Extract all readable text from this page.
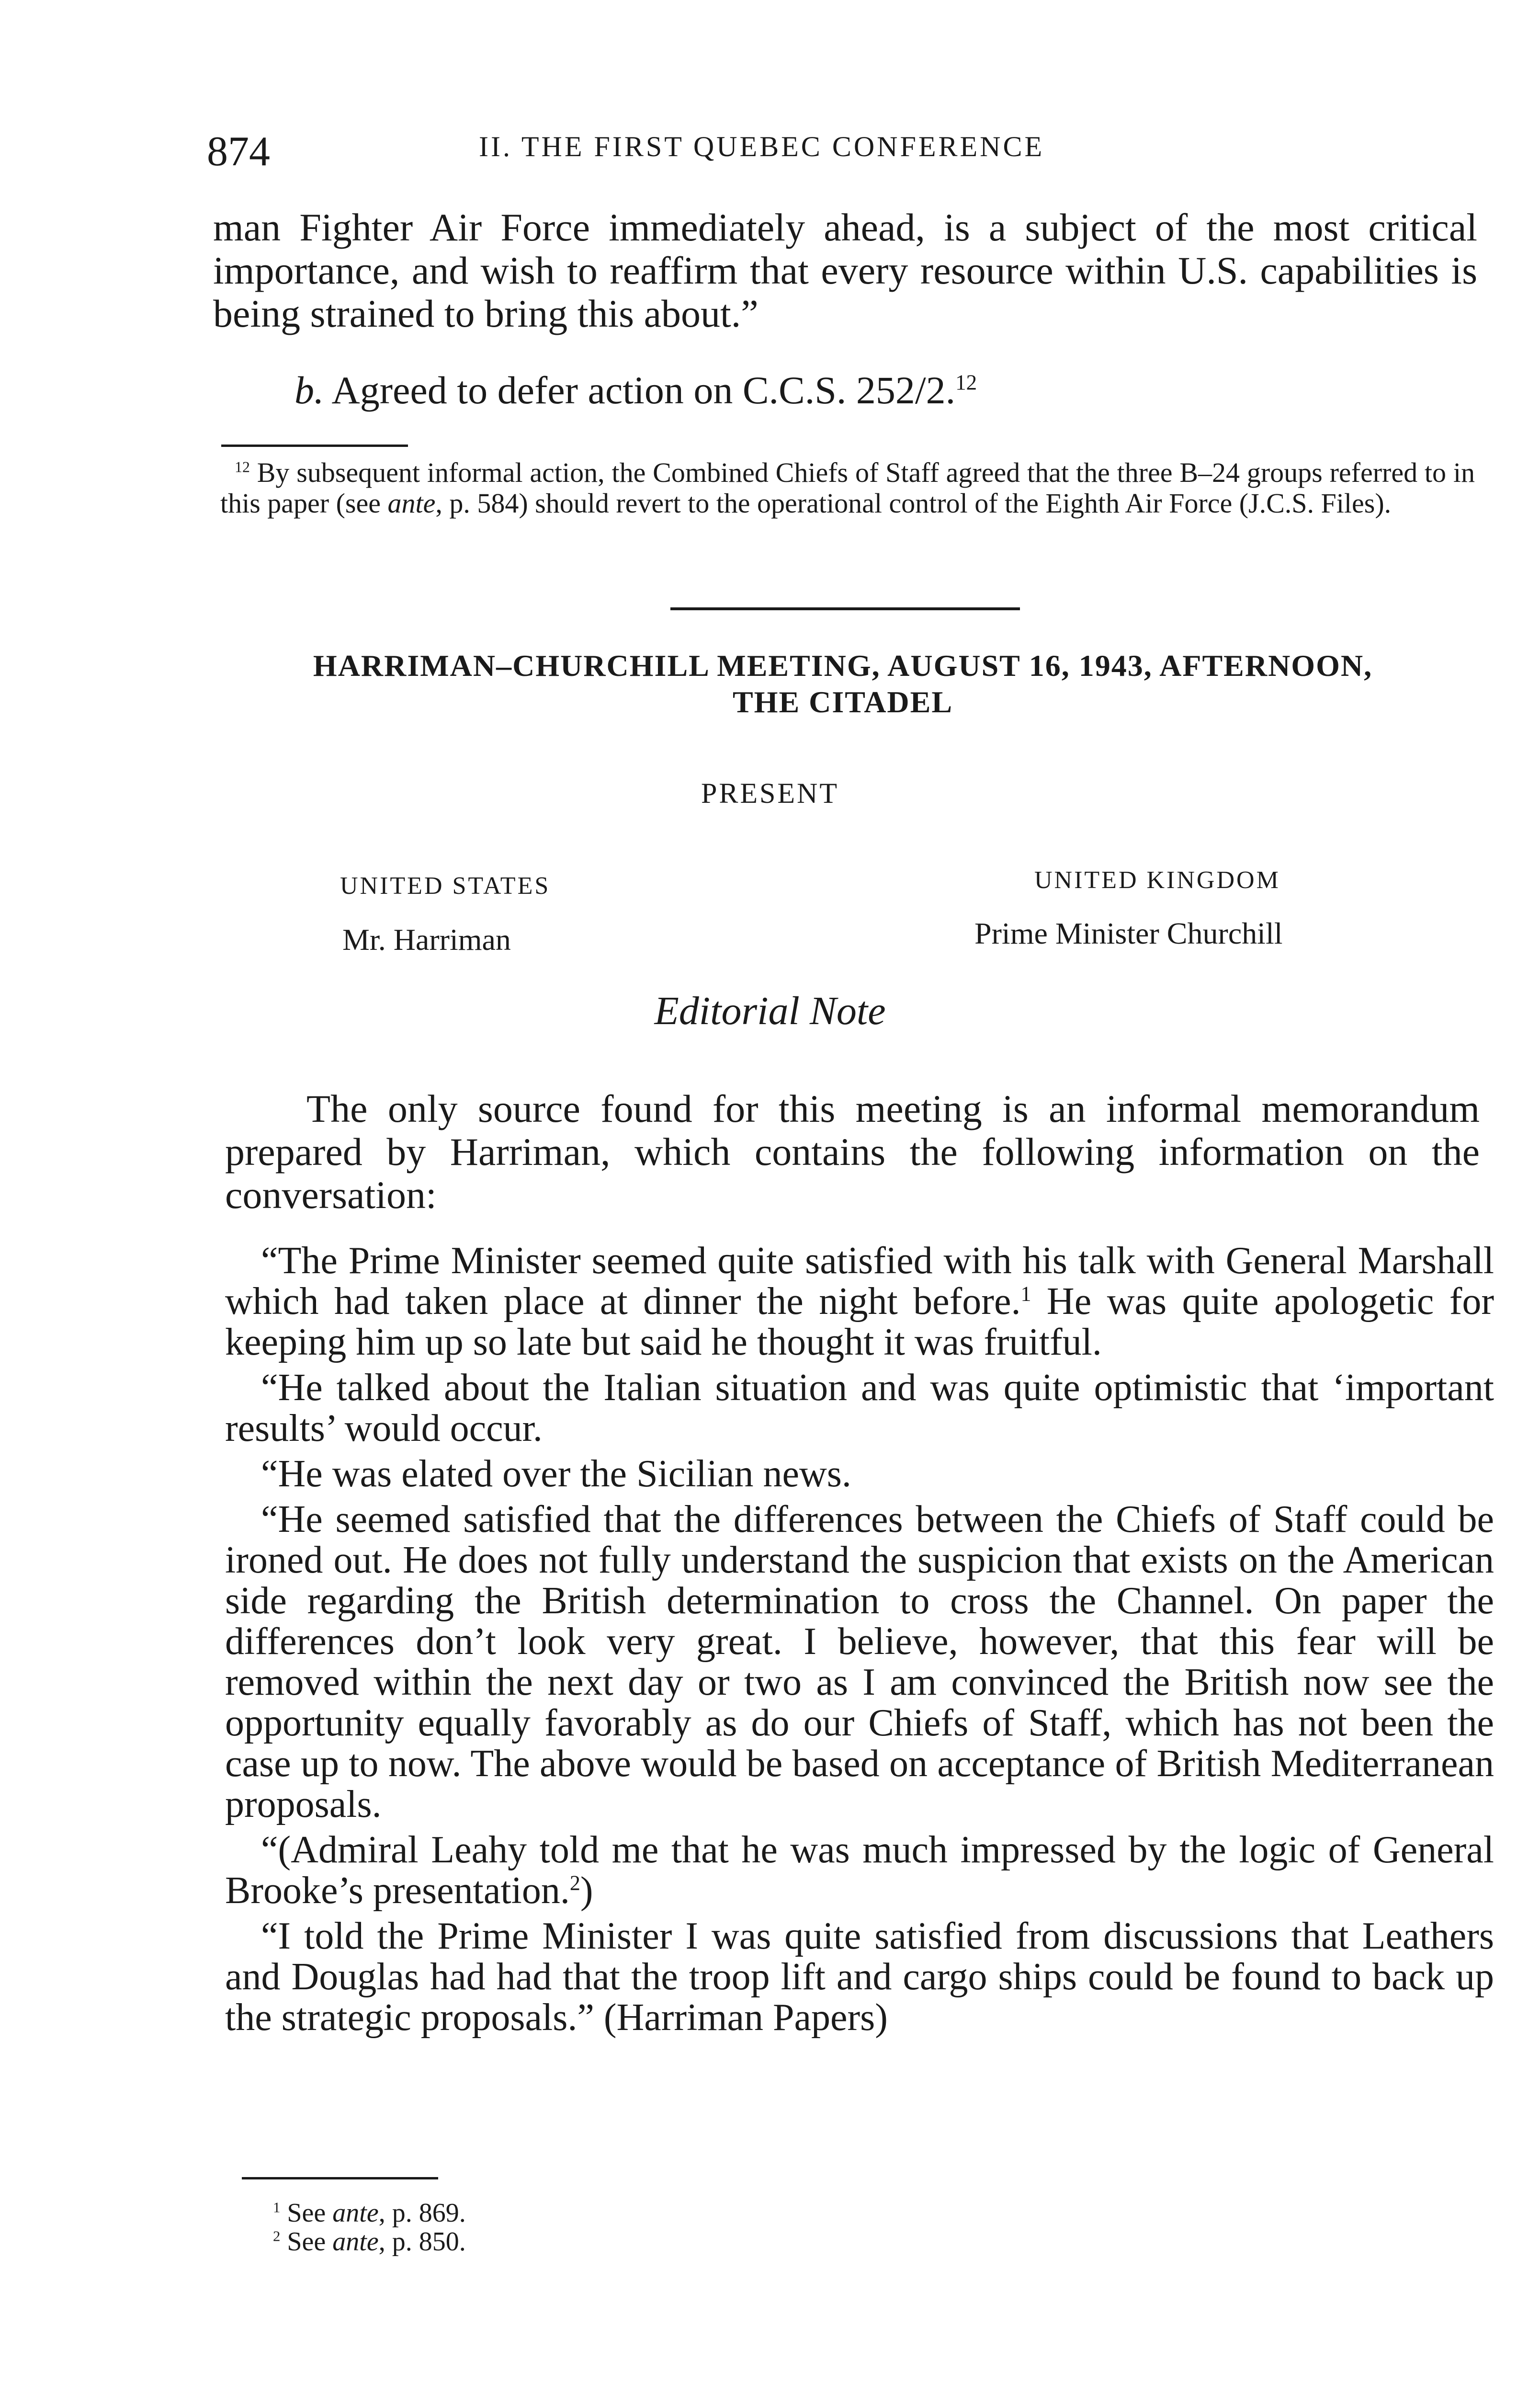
874	II. THE FIRST QUEBEC CONFERENCE
man Fighter Air Force immediately ahead, is a subject of the most critical importance, and wish to reaffirm that every resource within U.S. capabilities is being strained to bring this about.”
b. Agreed to defer action on C.C.S. 252/2.12
$^{12}$ By subsequent informal action, the Combined Chiefs of Staff agreed that the three B–24 groups referred to in this paper (see ante, p. 584) should revert to the operational control of the Eighth Air Force (J.C.S. Files).
HARRIMAN–CHURCHILL MEETING, AUGUST 16, 1943, AFTERNOON,
THE CITADEL
PRESENT
UNITED STATES	UNITED KINGDOM
Mr. Harriman	Prime Minister Churchill
Editorial Note
The only source found for this meeting is an informal memorandum prepared by Harriman, which contains the following information on the conversation:

“The Prime Minister seemed quite satisfied with his talk with General Marshall which had taken place at dinner the night before.$^1$ He was quite apologetic for keeping him up so late but said he thought it was fruitful.

“He talked about the Italian situation and was quite optimistic that ‘important results’ would occur.

“He was elated over the Sicilian news.

“He seemed satisfied that the differences between the Chiefs of Staff could be ironed out. He does not fully understand the suspicion that exists on the American side regarding the British determination to cross the Channel. On paper the differences don’t look very great. I believe, however, that this fear will be removed within the next day or two as I am convinced the British now see the opportunity equally favorably as do our Chiefs of Staff, which has not been the case up to now. The above would be based on acceptance of British Mediterranean proposals.

“(Admiral Leahy told me that he was much impressed by the logic of General Brooke’s presentation.$^2$)

“I told the Prime Minister I was quite satisfied from discussions that Leathers and Douglas had had that the troop lift and cargo ships could be found to back up the strategic proposals.” (Harriman Papers)

$^1$ See ante, p. 869.
$^2$ See ante, p. 850.
